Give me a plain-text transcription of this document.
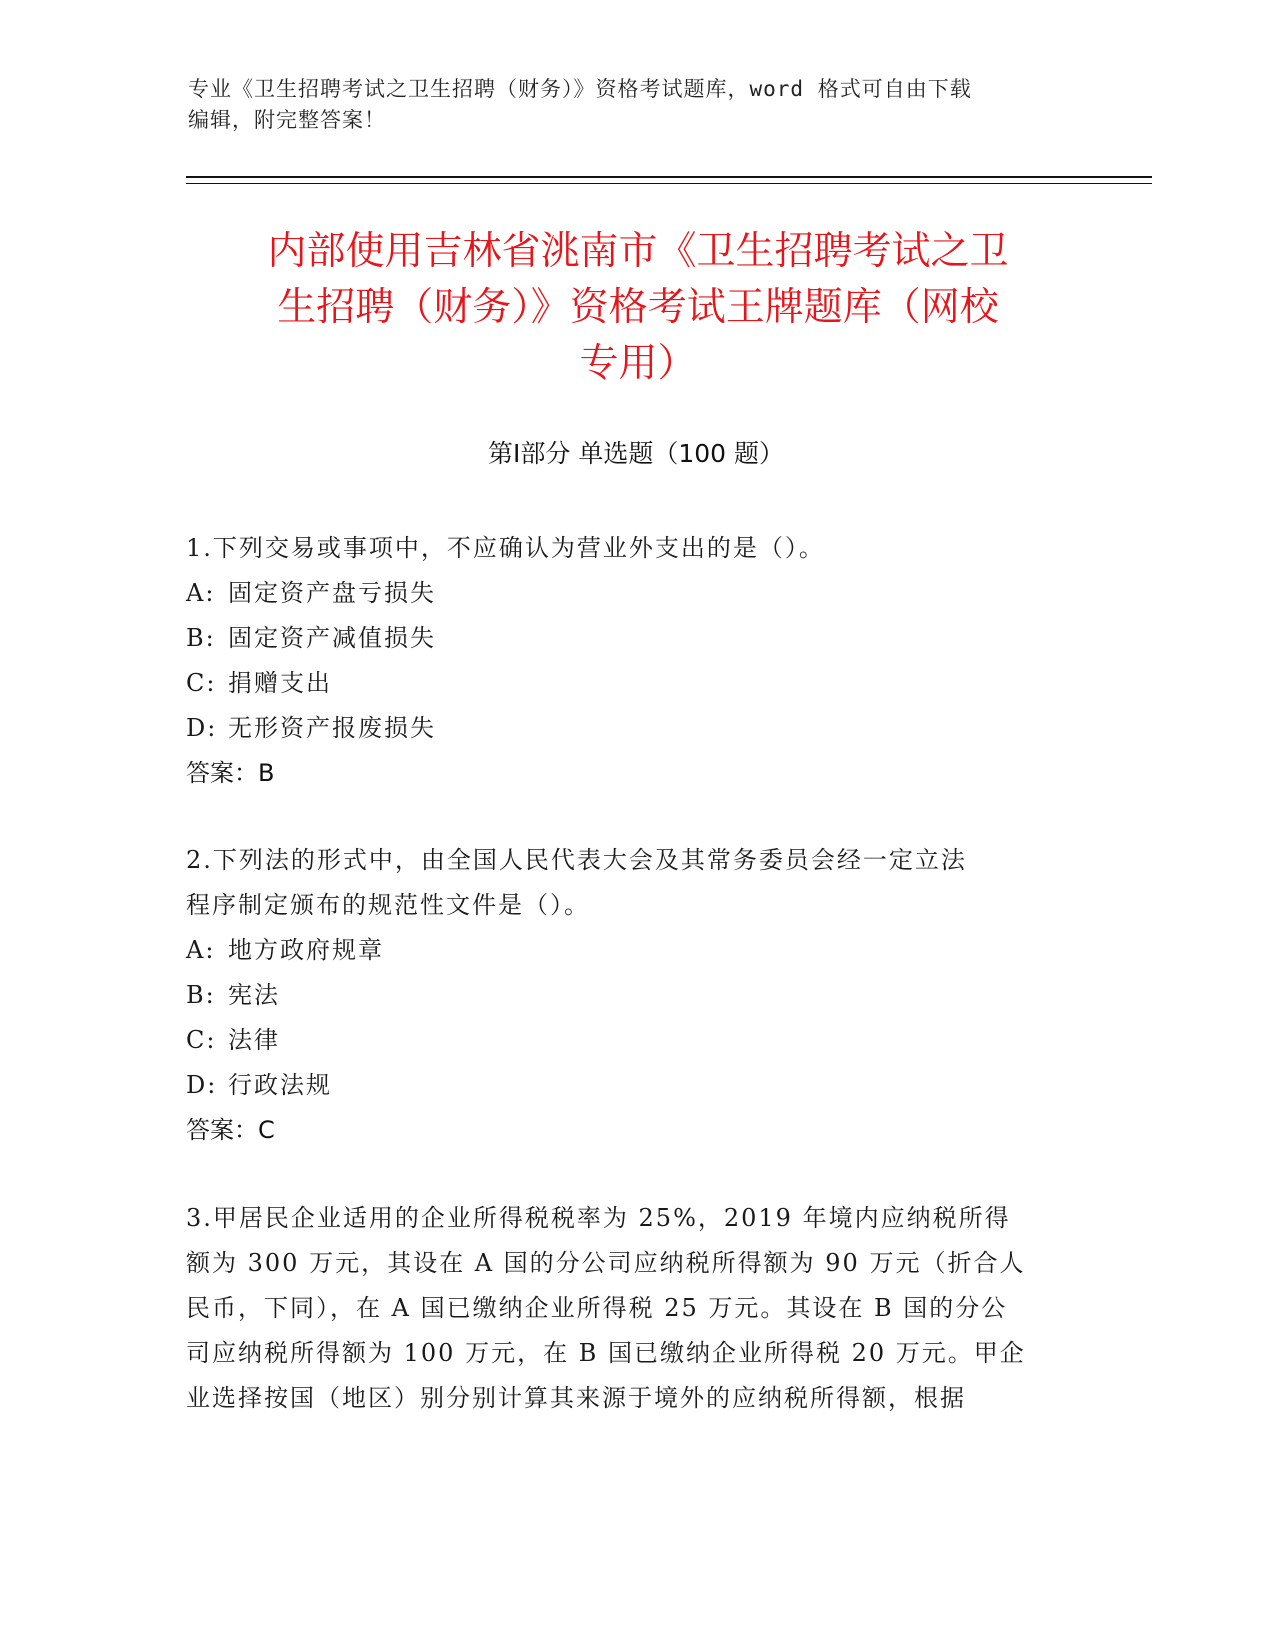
专业《卫生招聘考试之卫生招聘（财务）》资格考试题库，word 格式可自由下载
编辑，附完整答案！
内部使用吉林省洮南市《卫生招聘考试之卫
生招聘（财务）》资格考试王牌题库（网校
专用）
第Ⅰ部分 单选题（100 题）
1.下列交易或事项中，不应确认为营业外支出的是（）。
A: 固定资产盘亏损失
B: 固定资产减值损失
C: 捐赠支出
D: 无形资产报废损失
答案：B
2.下列法的形式中，由全国人民代表大会及其常务委员会经一定立法
程序制定颁布的规范性文件是（）。
A: 地方政府规章
B: 宪法
C: 法律
D: 行政法规
答案：C
3.甲居民企业适用的企业所得税税率为 25%，2019 年境内应纳税所得
额为 300 万元，其设在 A 国的分公司应纳税所得额为 90 万元（折合人
民币，下同），在 A 国已缴纳企业所得税 25 万元。其设在 B 国的分公
司应纳税所得额为 100 万元，在 B 国已缴纳企业所得税 20 万元。甲企
业选择按国（地区）别分别计算其来源于境外的应纳税所得额，根据
